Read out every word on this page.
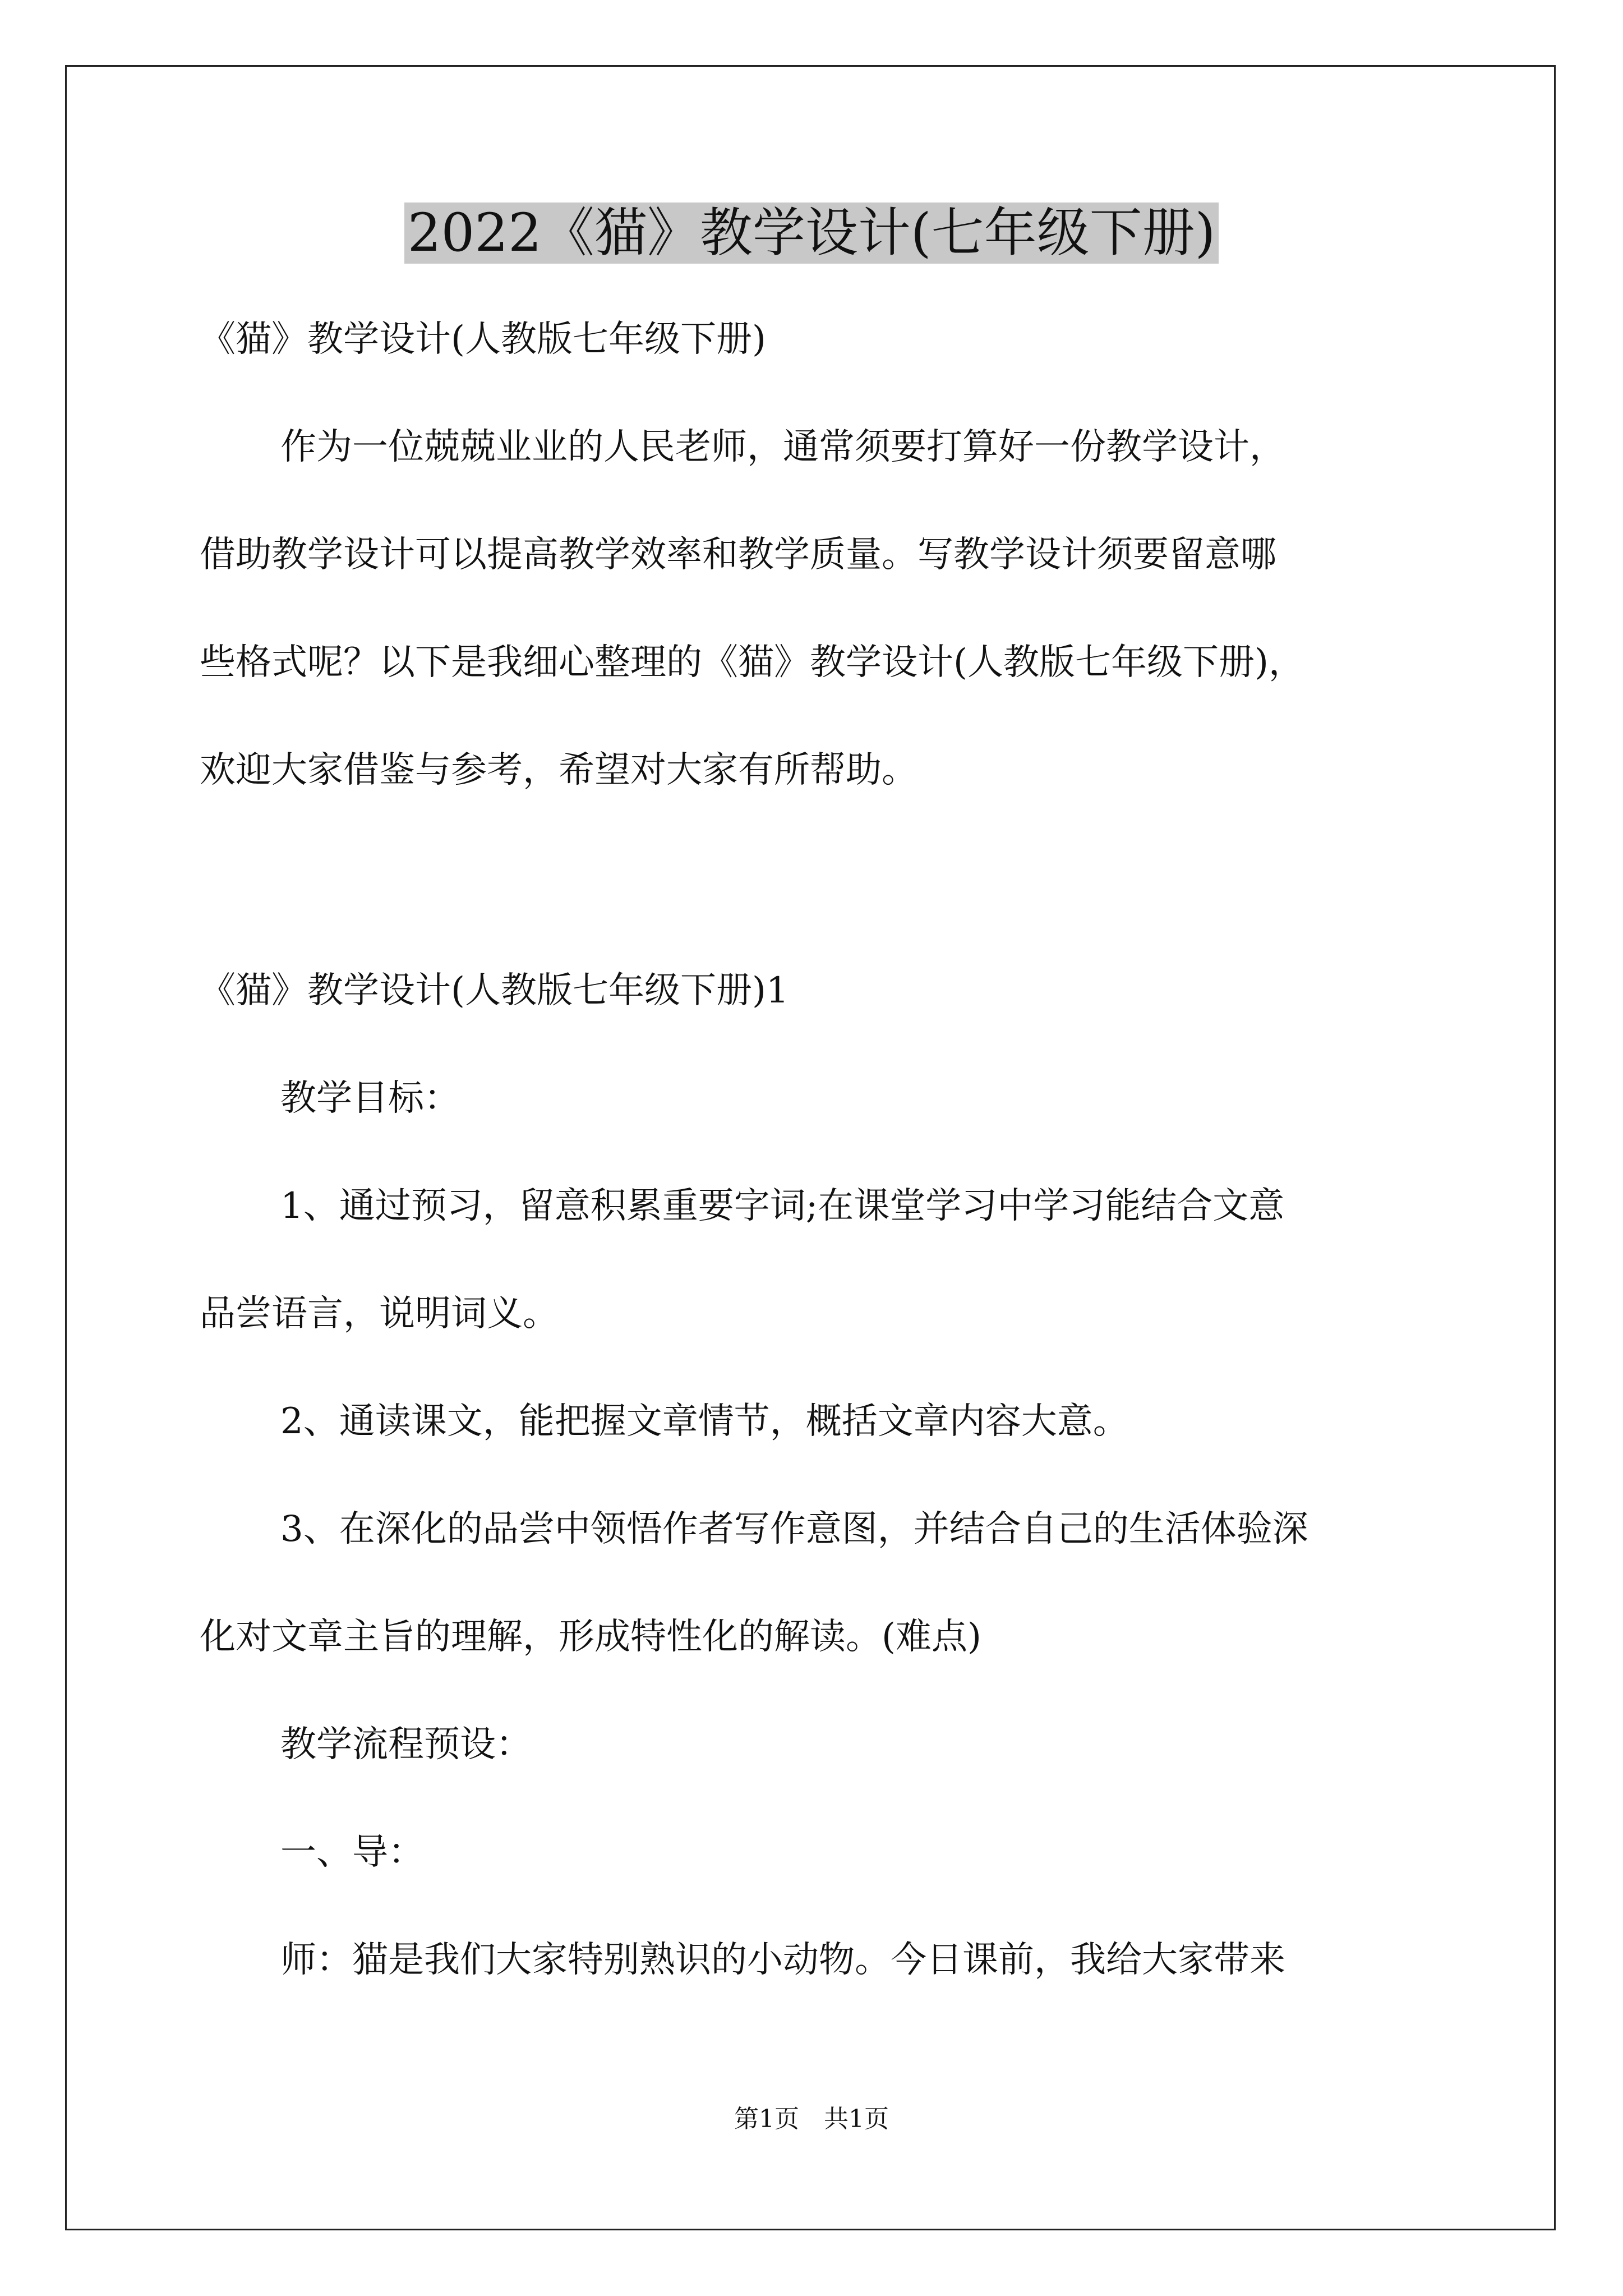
2022《猫》教学设计(七年级下册)
《猫》教学设计(人教版七年级下册)
作为一位兢兢业业的人民老师，通常须要打算好一份教学设计，
借助教学设计可以提高教学效率和教学质量。写教学设计须要留意哪
些格式呢？以下是我细心整理的《猫》教学设计(人教版七年级下册)，
欢迎大家借鉴与参考，希望对大家有所帮助。
《猫》教学设计(人教版七年级下册)1
教学目标：
1、通过预习，留意积累重要字词;在课堂学习中学习能结合文意
品尝语言，说明词义。
2、通读课文，能把握文章情节，概括文章内容大意。
3、在深化的品尝中领悟作者写作意图，并结合自己的生活体验深
化对文章主旨的理解，形成特性化的解读。(难点)
教学流程预设：
一、导：
师：猫是我们大家特别熟识的小动物。今日课前，我给大家带来
第1页　共1页
